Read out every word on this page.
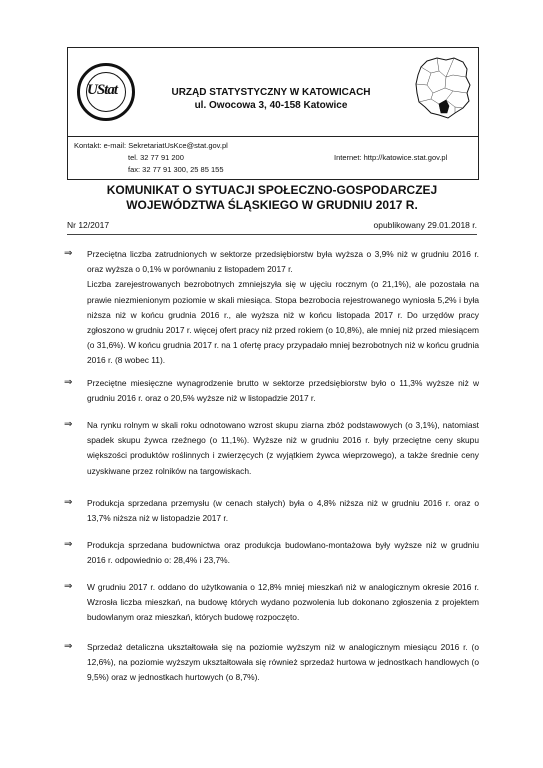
UStat	URZĄD STATYSTYCZNY W KATOWICACH
ul. Owocowa 3, 40-158 Katowice
Kontakt: e-mail: SekretariatUsKce@stat.gov.pl
tel. 32 77 91 200
fax: 32 77 91 300, 25 85 155
Internet: http://katowice.stat.gov.pl
KOMUNIKAT O SYTUACJI SPOŁECZNO-GOSPODARCZEJ
WOJEWÓDZTWA ŚLĄSKIEGO W GRUDNIU 2017 R.
Nr 12/2017	opublikowany 29.01.2018 r.
⇒ Przeciętna liczba zatrudnionych w sektorze przedsiębiorstw była wyższa o 3,9% niż w grudniu 2016 r. oraz wyższa o 0,1% w porównaniu z listopadem 2017 r.

Liczba zarejestrowanych bezrobotnych zmniejszyła się w ujęciu rocznym (o 21,1%), ale pozostała na prawie niezmienionym poziomie w skali miesiąca. Stopa bezrobocia rejestrowanego wyniosła 5,2% i była niższa niż w końcu grudnia 2016 r., ale wyższa niż w końcu listopada 2017 r. Do urzędów pracy zgłoszono w grudniu 2017 r. więcej ofert pracy niż przed rokiem (o 10,8%), ale mniej niż przed miesiącem (o 31,6%). W końcu grudnia 2017 r. na 1 ofertę pracy przypadało mniej bezrobotnych niż w końcu grudnia 2016 r. (8 wobec 11).

⇒ Przeciętne miesięczne wynagrodzenie brutto w sektorze przedsiębiorstw było o 11,3% wyższe niż w grudniu 2016 r. oraz o 20,5% wyższe niż w listopadzie 2017 r.

⇒ Na rynku rolnym w skali roku odnotowano wzrost skupu ziarna zbóż podstawowych (o 3,1%), natomiast spadek skupu żywca rzeźnego (o 11,1%). Wyższe niż w grudniu 2016 r. były przeciętne ceny skupu większości produktów roślinnych i zwierzęcych (z wyjątkiem żywca wieprzowego), a także średnie ceny uzyskiwane przez rolników na targowiskach.

⇒ Produkcja sprzedana przemysłu (w cenach stałych) była o 4,8% niższa niż w grudniu 2016 r. oraz o 13,7% niższa niż w listopadzie 2017 r.

⇒ Produkcja sprzedana budownictwa oraz produkcja budowlano-montażowa były wyższe niż w grudniu 2016 r. odpowiednio o: 28,4% i 23,7%.

⇒ W grudniu 2017 r. oddano do użytkowania o 12,8% mniej mieszkań niż w analogicznym okresie 2016 r. Wzrosła liczba mieszkań, na budowę których wydano pozwolenia lub dokonano zgłoszenia z projektem budowlanym oraz mieszkań, których budowę rozpoczęto.

⇒ Sprzedaż detaliczna ukształtowała się na poziomie wyższym niż w analogicznym miesiącu 2016 r. (o 12,6%), na poziomie wyższym ukształtowała się również sprzedaż hurtowa w jednostkach handlowych (o 9,5%) oraz w jednostkach hurtowych (o 8,7%).
